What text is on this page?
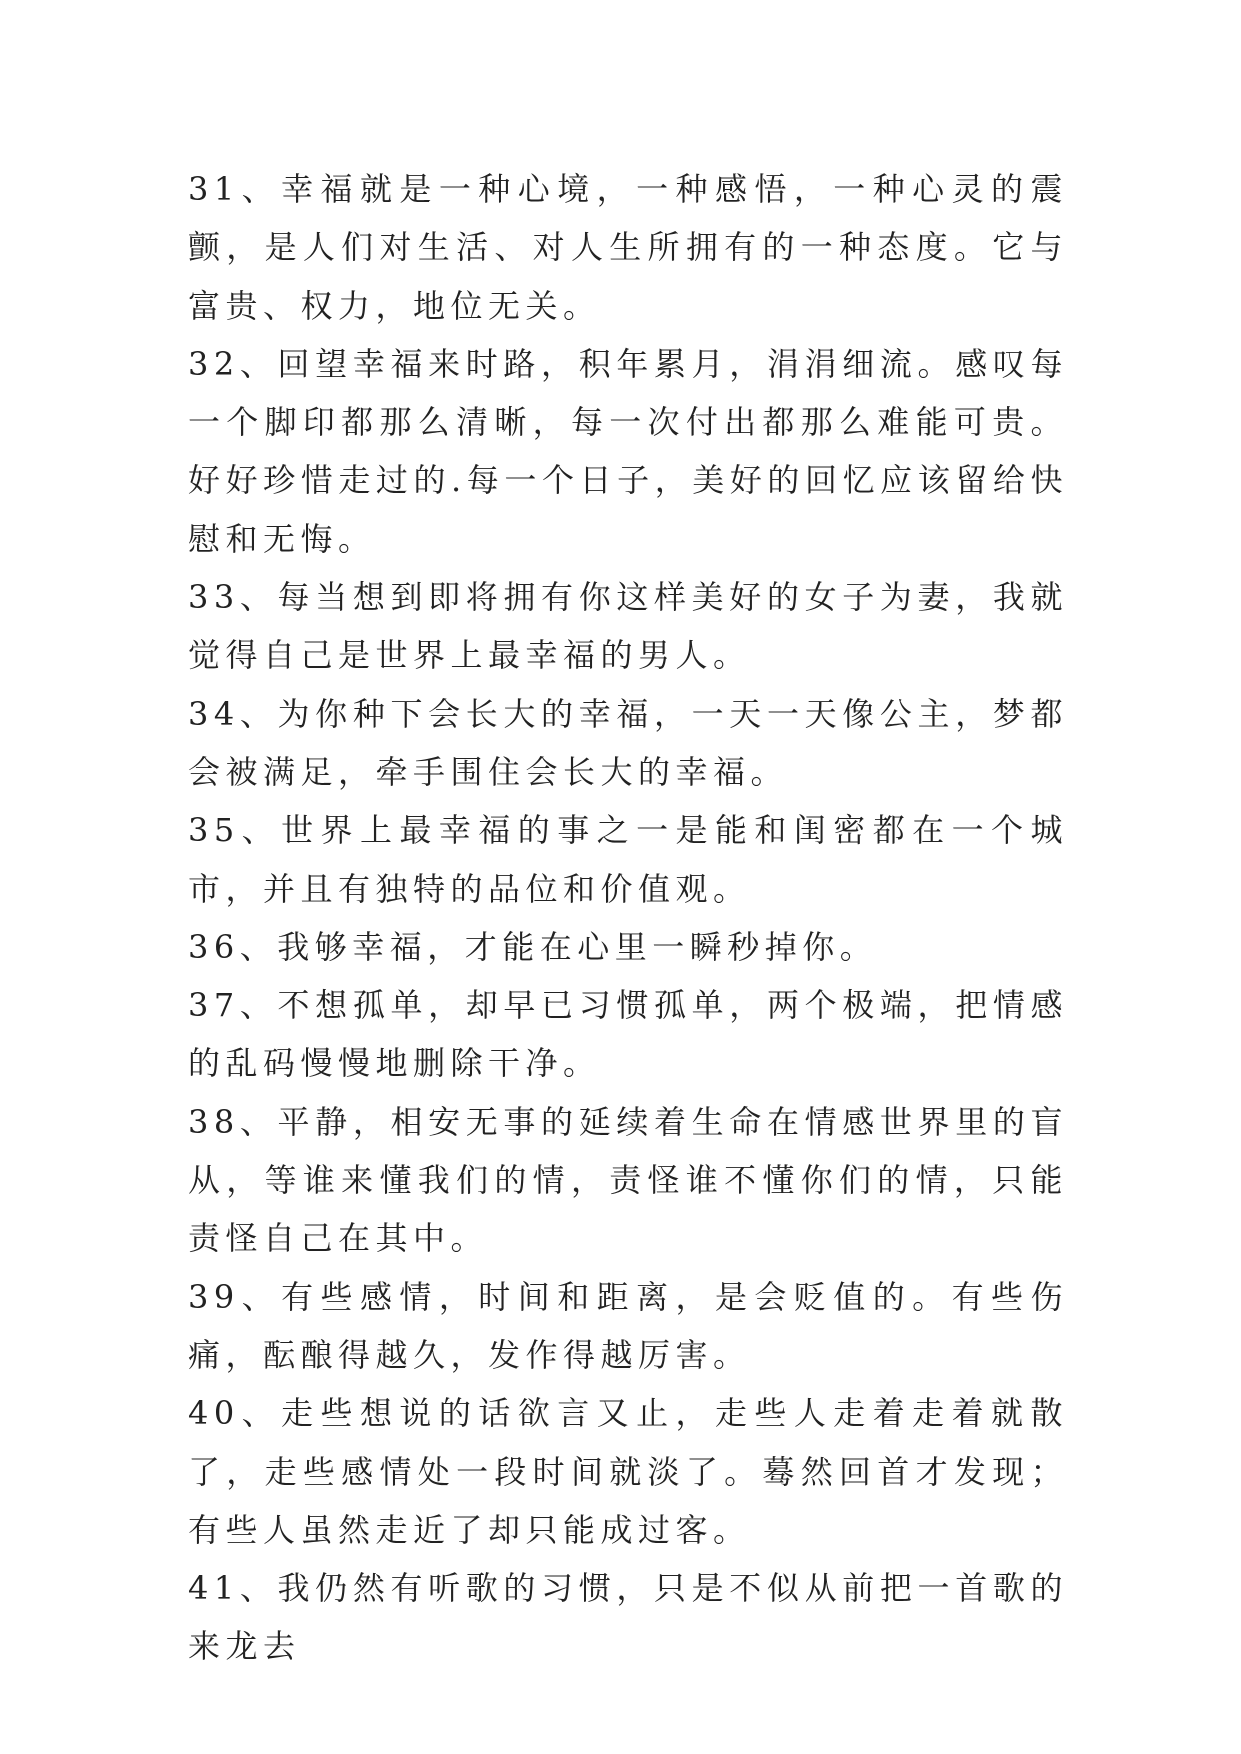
31、幸福就是一种心境，一种感悟，一种心灵的震颤，是人们对生活、对人生所拥有的一种态度。它与富贵、权力，地位无关。

32、回望幸福来时路，积年累月，涓涓细流。感叹每一个脚印都那么清晰，每一次付出都那么难能可贵。好好珍惜走过的.每一个日子，美好的回忆应该留给快慰和无悔。

33、每当想到即将拥有你这样美好的女子为妻，我就觉得自己是世界上最幸福的男人。

34、为你种下会长大的幸福，一天一天像公主，梦都会被满足，牵手围住会长大的幸福。

35、世界上最幸福的事之一是能和闺密都在一个城市，并且有独特的品位和价值观。

36、我够幸福，才能在心里一瞬秒掉你。

37、不想孤单，却早已习惯孤单，两个极端，把情感的乱码慢慢地删除干净。

38、平静，相安无事的延续着生命在情感世界里的盲从，等谁来懂我们的情，责怪谁不懂你们的情，只能责怪自己在其中。

39、有些感情，时间和距离，是会贬值的。有些伤痛，酝酿得越久，发作得越厉害。

40、走些想说的话欲言又止，走些人走着走着就散了，走些感情处一段时间就淡了。蓦然回首才发现；有些人虽然走近了却只能成过客。

41、我仍然有听歌的习惯，只是不似从前把一首歌的来龙去
